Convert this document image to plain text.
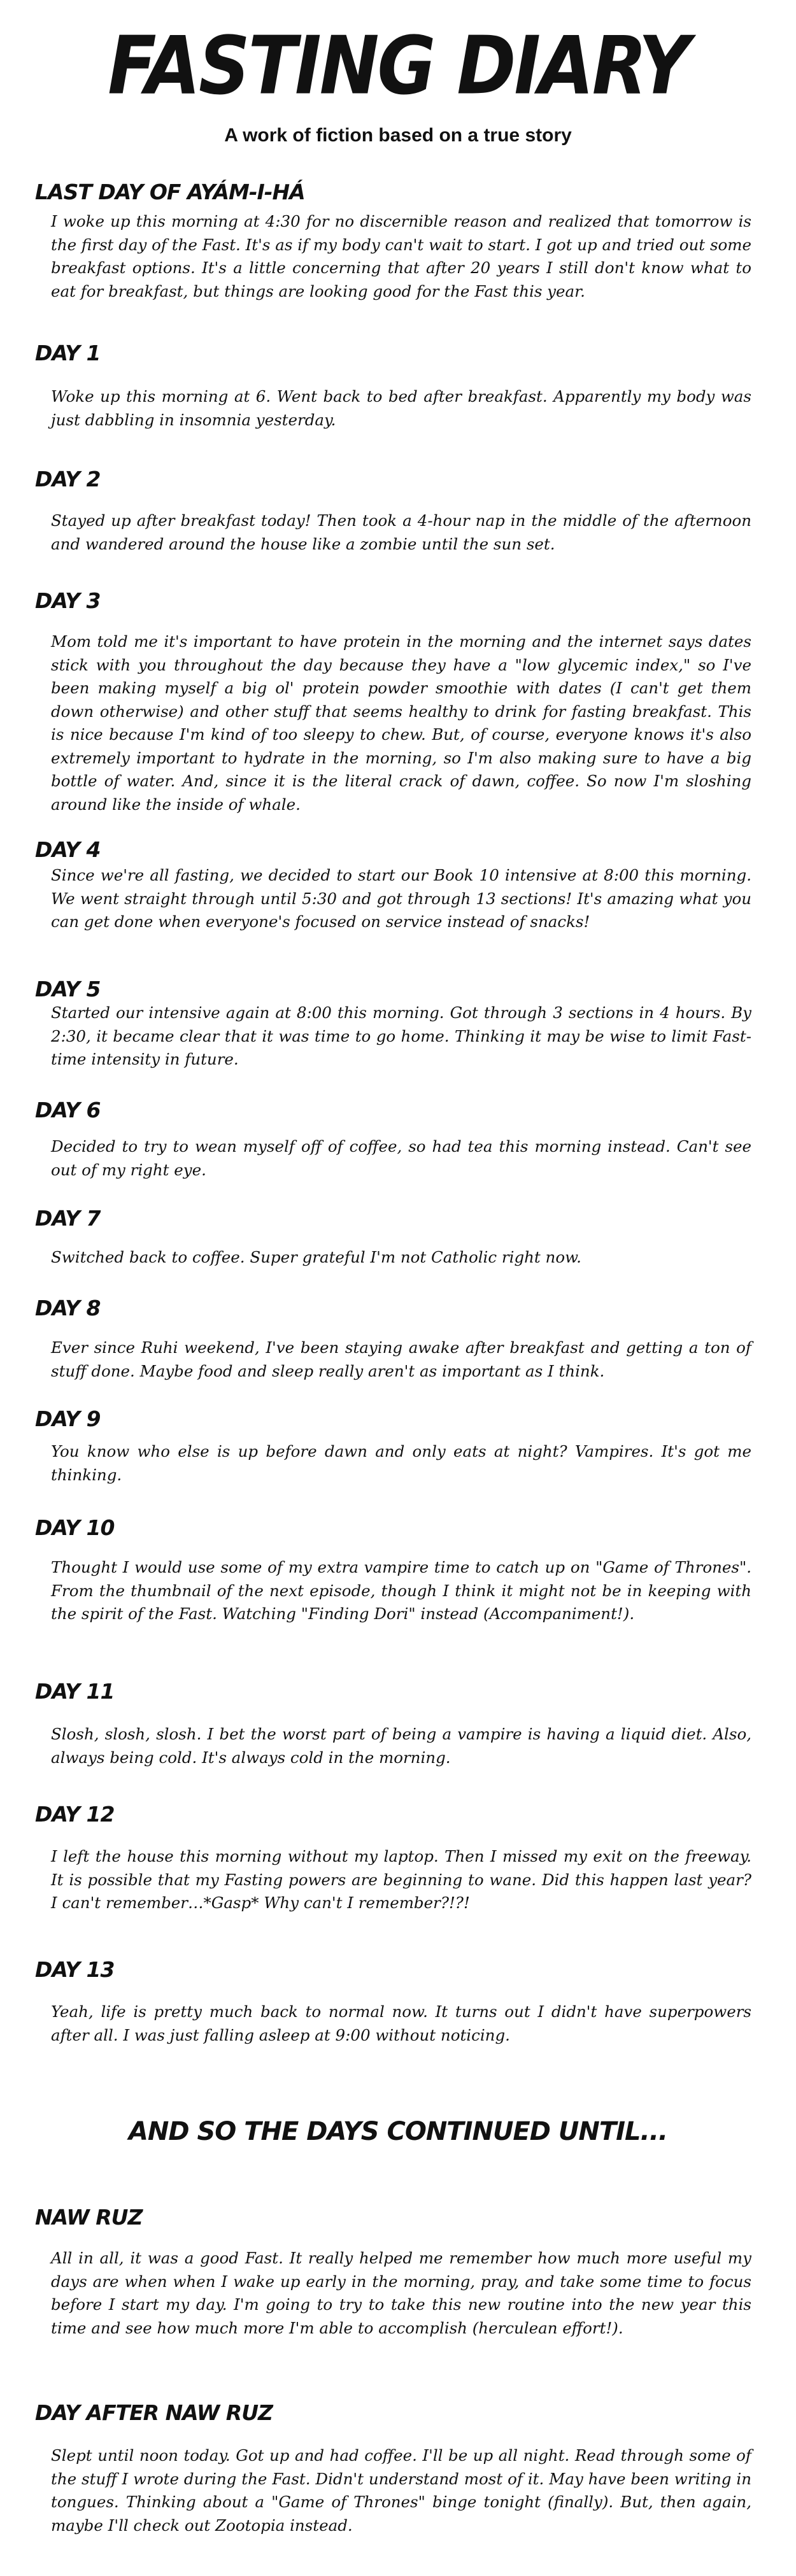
FASTING DIARY
A work of fiction based on a true story
LAST DAY OF AYÁM-I-HÁ
I woke up this morning at 4:30 for no discernible reason and realized that tomorrow is the first day of the Fast. It's as if my body can't wait to start. I got up and tried out some breakfast options. It's a little concerning that after 20 years I still don't know what to eat for breakfast, but things are looking good for the Fast this year.
DAY 1
Woke up this morning at 6. Went back to bed after breakfast. Apparently my body was just dabbling in insomnia yesterday.
DAY 2
Stayed up after breakfast today! Then took a 4-hour nap in the middle of the afternoon and wandered around the house like a zombie until the sun set.
DAY 3
Mom told me it's important to have protein in the morning and the internet says dates stick with you throughout the day because they have a "low glycemic index," so I've been making myself a big ol' protein powder smoothie with dates (I can't get them down otherwise) and other stuff that seems healthy to drink for fasting breakfast. This is nice because I'm kind of too sleepy to chew. But, of course, everyone knows it's also extremely important to hydrate in the morning, so I'm also making sure to have a big bottle of water. And, since it is the literal crack of dawn, coffee. So now I'm sloshing around like the inside of whale.
DAY 4
Since we're all fasting, we decided to start our Book 10 intensive at 8:00 this morning. We went straight through until 5:30 and got through 13 sections! It's amazing what you can get done when everyone's focused on service instead of snacks!
DAY 5
Started our intensive again at 8:00 this morning. Got through 3 sections in 4 hours. By 2:30, it became clear that it was time to go home. Thinking it may be wise to limit Fast-time intensity in future.
DAY 6
Decided to try to wean myself off of coffee, so had tea this morning instead. Can't see out of my right eye.
DAY 7
Switched back to coffee. Super grateful I'm not Catholic right now.
DAY 8
Ever since Ruhi weekend, I've been staying awake after breakfast and getting a ton of stuff done. Maybe food and sleep really aren't as important as I think.
DAY 9
You know who else is up before dawn and only eats at night? Vampires. It's got me thinking.
DAY 10
Thought I would use some of my extra vampire time to catch up on "Game of Thrones". From the thumbnail of the next episode, though I think it might not be in keeping with the spirit of the Fast. Watching "Finding Dori" instead (Accompaniment!).
DAY 11
Slosh, slosh, slosh. I bet the worst part of being a vampire is having a liquid diet. Also, always being cold. It's always cold in the morning.
DAY 12
I left the house this morning without my laptop. Then I missed my exit on the freeway. It is possible that my Fasting powers are beginning to wane. Did this happen last year? I can't remember…*Gasp* Why can't I remember?!?!
DAY 13
Yeah, life is pretty much back to normal now. It turns out I didn't have superpowers after all. I was just falling asleep at 9:00 without noticing.
AND SO THE DAYS CONTINUED UNTIL...
NAW RUZ
All in all, it was a good Fast. It really helped me remember how much more useful my days are when when I wake up early in the morning, pray, and take some time to focus before I start my day. I'm going to try to take this new routine into the new year this time and see how much more I'm able to accomplish (herculean effort!).
DAY AFTER NAW RUZ
Slept until noon today. Got up and had coffee. I'll be up all night. Read through some of the stuff I wrote during the Fast. Didn't understand most of it. May have been writing in tongues. Thinking about a "Game of Thrones" binge tonight (finally). But, then again, maybe I'll check out Zootopia instead.
